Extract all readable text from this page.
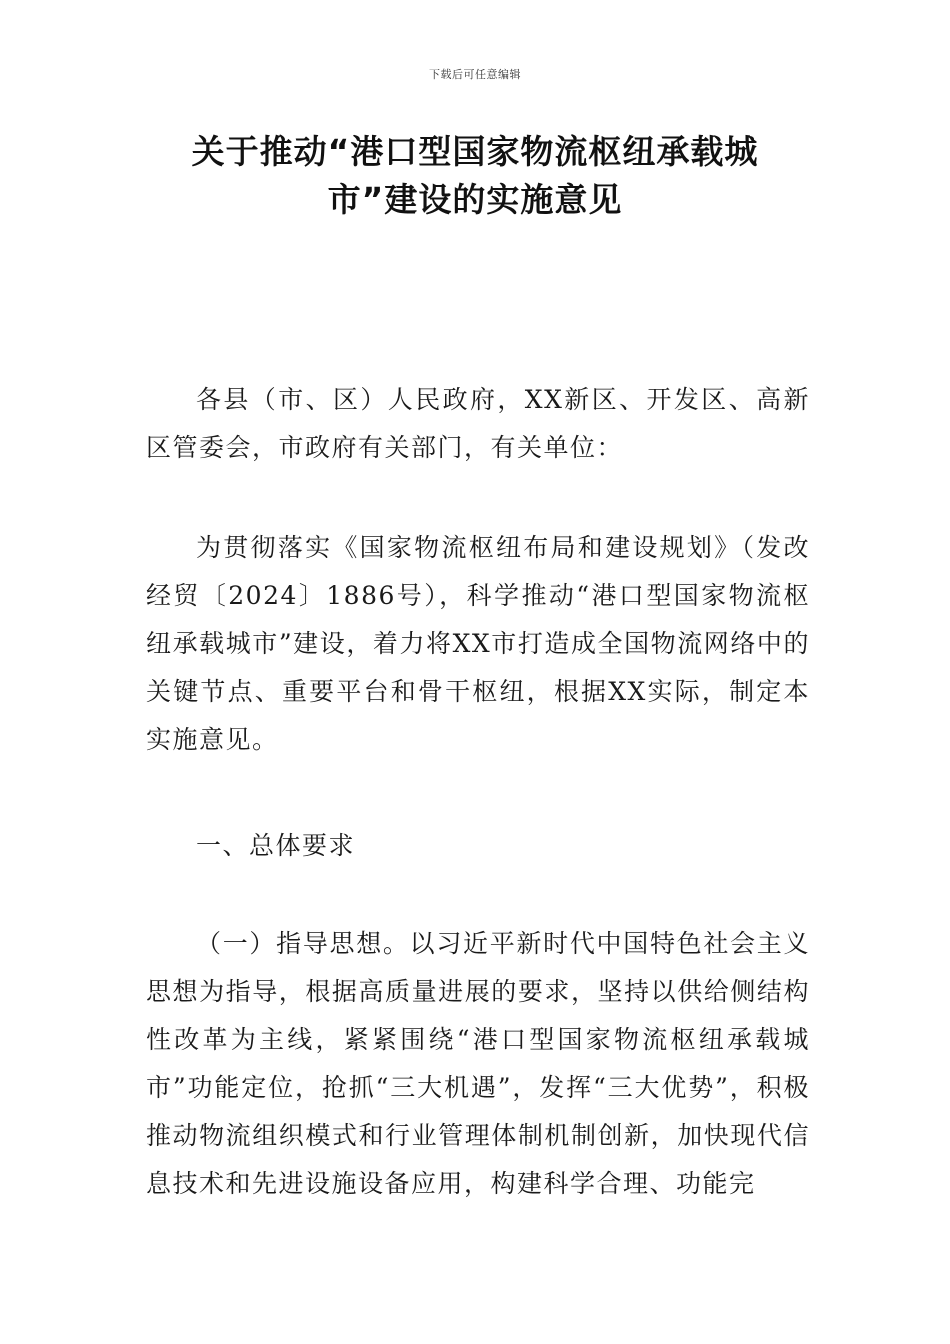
下载后可任意编辑
关于推动“港口型国家物流枢纽承载城
市”建设的实施意见

各县（市、区）人民政府，XX新区、开发区、高新区管委会，市政府有关部门，有关单位：

为贯彻落实《国家物流枢纽布局和建设规划》（发改经贸〔2024〕1886号），科学推动“港口型国家物流枢纽承载城市”建设，着力将XX市打造成全国物流网络中的关键节点、重要平台和骨干枢纽，根据XX实际，制定本实施意见。

一、总体要求

（一）指导思想。以习近平新时代中国特色社会主义思想为指导，根据高质量进展的要求，坚持以供给侧结构性改革为主线，紧紧围绕“港口型国家物流枢纽承载城市”功能定位，抢抓“三大机遇”，发挥“三大优势”，积极推动物流组织模式和行业管理体制机制创新，加快现代信息技术和先进设施设备应用，构建科学合理、功能完
